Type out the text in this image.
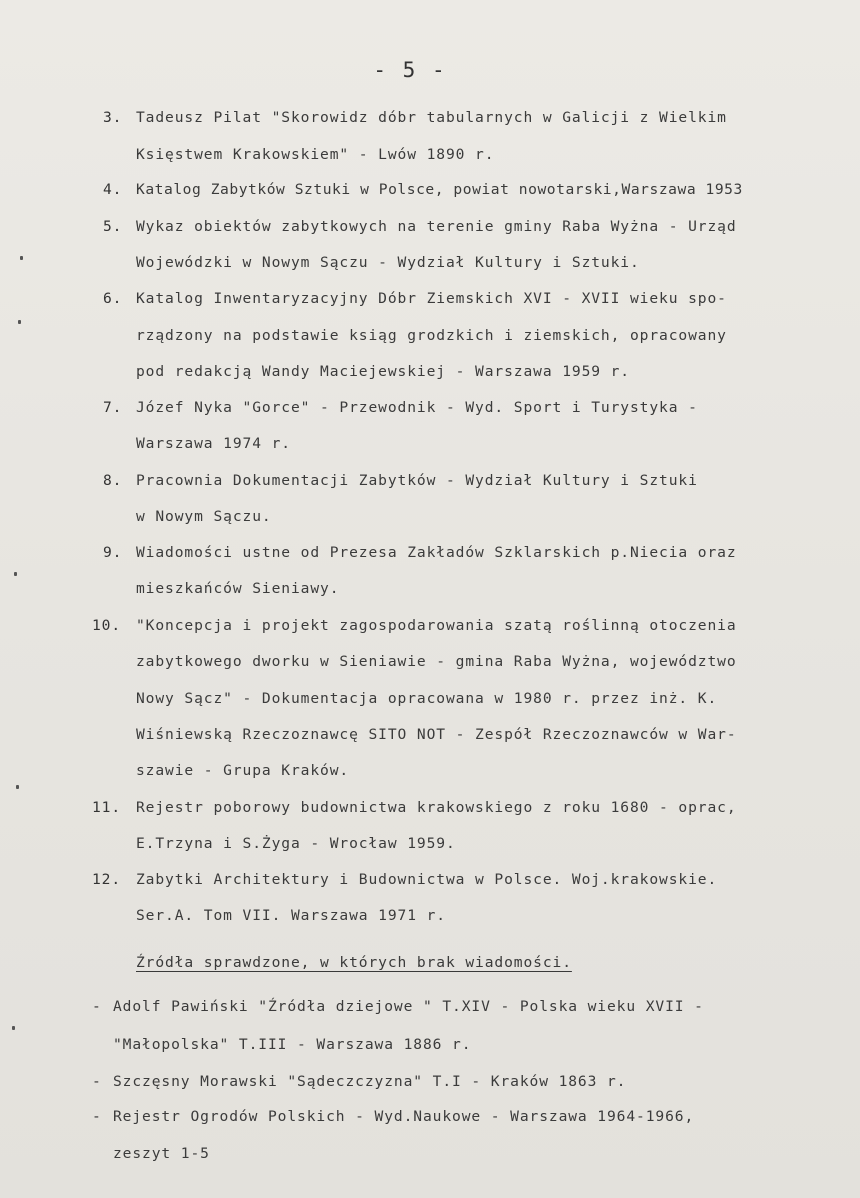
- 5 -
3. Tadeusz Pilat "Skorowidz dóbr tabularnych w Galicji z Wielkim
Księstwem Krakowskiem" - Lwów 1890 r.
4. Katalog Zabytków Sztuki w Polsce, powiat nowotarski,Warszawa 1953
5. Wykaz obiektów zabytkowych na terenie gminy Raba Wyżna - Urząd
Wojewódzki w Nowym Sączu - Wydział Kultury i Sztuki.
6. Katalog Inwentaryzacyjny Dóbr Ziemskich XVI - XVII wieku spo-
rządzony na podstawie ksiąg grodzkich i ziemskich, opracowany
pod redakcją Wandy Maciejewskiej - Warszawa 1959 r.
7. Józef Nyka "Gorce" - Przewodnik - Wyd. Sport i Turystyka -
Warszawa 1974 r.
8. Pracownia Dokumentacji Zabytków - Wydział Kultury i Sztuki
w Nowym Sączu.
9. Wiadomości ustne od Prezesa Zakładów Szklarskich p.Niecia oraz
mieszkańców Sieniawy.
10. "Koncepcja i projekt zagospodarowania szatą roślinną otoczenia
zabytkowego dworku w Sieniawie - gmina Raba Wyżna, województwo
Nowy Sącz" - Dokumentacja opracowana w 1980 r. przez inż. K.
Wiśniewską Rzeczoznawcę SITO NOT - Zespół Rzeczoznawców w War-
szawie - Grupa Kraków.
11. Rejestr poborowy budownictwa krakowskiego z roku 1680 - oprac,
E.Trzyna i S.Żyga - Wrocław 1959.
12. Zabytki Architektury i Budownictwa w Polsce. Woj.krakowskie.
Ser.A. Tom VII. Warszawa 1971 r.
Źródła sprawdzone, w których brak wiadomości.
- Adolf Pawiński "Źródła dziejowe " T.XIV - Polska wieku XVII -
"Małopolska" T.III - Warszawa 1886 r.
- Szczęsny Morawski "Sądeczczyzna" T.I - Kraków 1863 r.
- Rejestr Ogrodów Polskich - Wyd.Naukowe - Warszawa 1964-1966,
zeszyt 1-5
